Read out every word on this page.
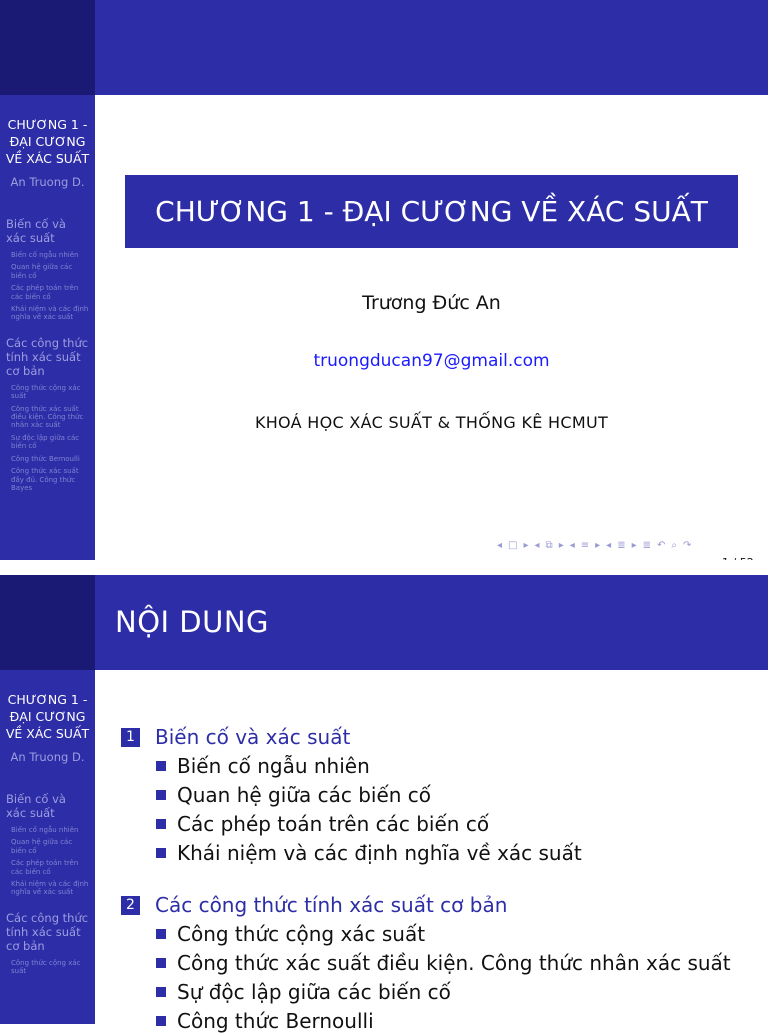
CHƯƠNG 1 - ĐẠI CƯƠNG VỀ XÁC SUẤT
An Truong D.
Biến cố và xác suất
Biến cố ngẫu nhiên
Quan hệ giữa các biến cố
Các phép toán trên các biến cố
Khái niệm và các định nghĩa về xác suất
Các công thức tính xác suất cơ bản
Công thức cộng xác suất
Công thức xác suất điều kiện. Công thức nhân xác suất
Sự độc lập giữa các biến cố
Công thức Bernoulli
Công thức xác suất đầy đủ. Công thức Bayes
CHƯƠNG 1 - ĐẠI CƯƠNG VỀ XÁC SUẤT
Trương Đức An
truongducan97@gmail.com
KHOÁ HỌC XÁC SUẤT & THỐNG KÊ HCMUT
◂ □ ▸ ◂ ⧉ ▸ ◂ ≡ ▸ ◂ ≣ ▸ ≣ ↶ ⌕ ↷
CHƯƠNG 1 - ĐẠI CƯƠNG VỀ XÁC SUẤT
An Truong D.
Biến cố và xác suất
Biến cố ngẫu nhiên
Quan hệ giữa các biến cố
Các phép toán trên các biến cố
Khái niệm và các định nghĩa về xác suất
Các công thức tính xác suất cơ bản
Công thức cộng xác suất
NỘI DUNG
1 Biến cố và xác suất
Biến cố ngẫu nhiên
Quan hệ giữa các biến cố
Các phép toán trên các biến cố
Khái niệm và các định nghĩa về xác suất
2 Các công thức tính xác suất cơ bản
Công thức cộng xác suất
Công thức xác suất điều kiện. Công thức nhân xác suất
Sự độc lập giữa các biến cố
Công thức Bernoulli
